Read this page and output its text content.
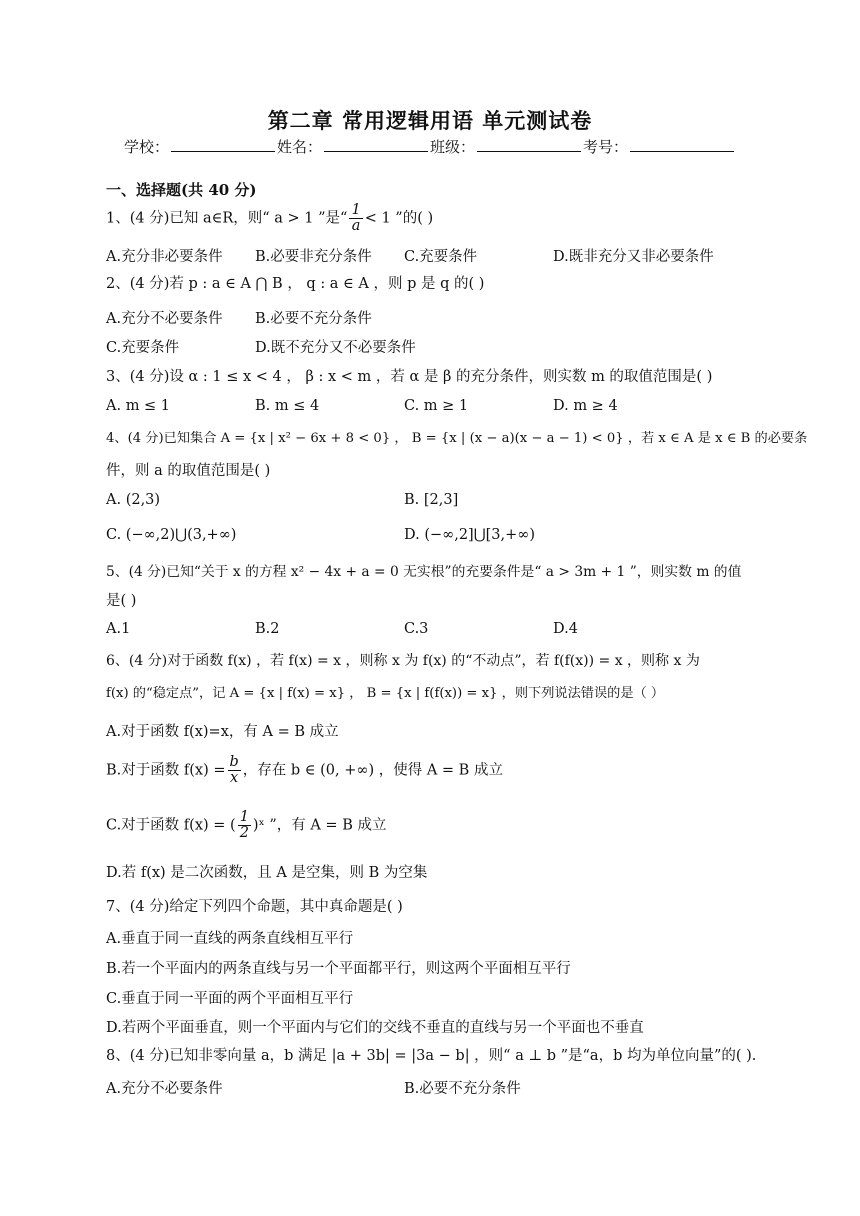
第二章 常用逻辑用语 单元测试卷
学校：	姓名：	班级：	考号：
一、选择题(共 40 分)
1、(4 分)已知 a∈R，则“ a > 1 ”是“ $\frac{1}{a} < 1$ ”的( )
A.充分非必要条件 B.必要非充分条件 C.充要条件	D.既非充分又非必要条件
2、(4 分)若 p : a ∈ A ⋂ B ， q : a ∈ A ，则 p 是 q 的( )
A.充分不必要条件 B.必要不充分条件
C.充要条件	D.既不充分又不必要条件
3、(4 分)设 α : 1 ≤ x < 4 ， β : x < m ，若 α 是 β 的充分条件，则实数 m 的取值范围是( )
A. m ≤ 1	B. m ≤ 4	C. m ≥ 1	D. m ≥ 4
4、(4 分)已知集合 A = {x | x² − 6x + 8 < 0} ， B = {x | (x − a)(x − a − 1) < 0} ，若 x ∈ A 是 x ∈ B 的必要条
件，则 a 的取值范围是( )
A. (2,3)	B. [2,3]
C. (−∞,2)⋃(3,+∞)	D. (−∞,2]⋃[3,+∞)
5、(4 分)已知“关于 x 的方程 x² − 4x + a = 0 无实根”的充要条件是“ a > 3m + 1 ”，则实数 m 的值
是( )
A.1	B.2	C.3	D.4
6、(4 分)对于函数 f(x) ，若 f(x) = x ，则称 x 为 f(x) 的“不动点”，若 f(f(x)) = x ，则称 x 为
f(x) 的“稳定点”，记 A = {x | f(x) = x} ， B = {x | f(f(x)) = x} ，则下列说法错误的是（ ）
A.对于函数 f(x)=x，有 A = B 成立
B.对于函数 $f(x) = \frac{b}{x}$ ，存在 b ∈ (0, +∞) ，使得 A = B 成立
C.对于函数 f(x) = ( $\frac{1}{2}$ )ˣ ”，有 A = B 成立
D.若 f(x) 是二次函数，且 A 是空集，则 B 为空集
7、(4 分)给定下列四个命题，其中真命题是( )
A.垂直于同一直线的两条直线相互平行
B.若一个平面内的两条直线与另一个平面都平行，则这两个平面相互平行
C.垂直于同一平面的两个平面相互平行
D.若两个平面垂直，则一个平面内与它们的交线不垂直的直线与另一个平面也不垂直
8、(4 分)已知非零向量 a，b 满足 |a + 3b| = |3a − b| ，则“ a ⊥ b ”是“a，b 均为单位向量”的( ).
A.充分不必要条件	B.必要不充分条件
